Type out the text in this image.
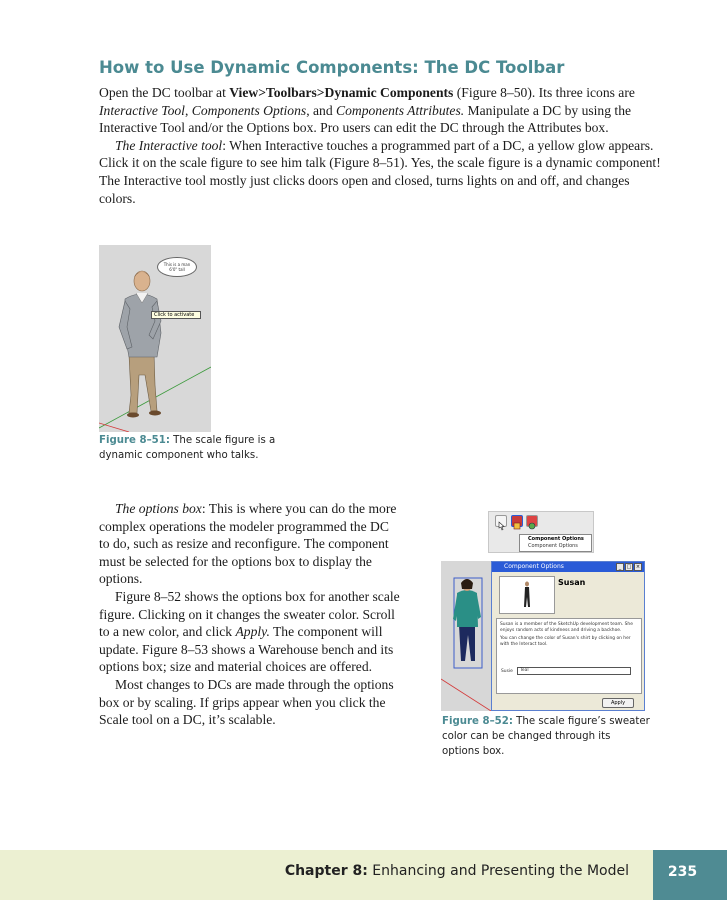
How to Use Dynamic Components: The DC Toolbar

Open the DC toolbar at View>Toolbars>Dynamic Components (Figure 8–50). Its three icons are Interactive Tool, Components Options, and Components Attributes. Manipulate a DC by using the Interactive Tool and/or the Options box. Pro users can edit the DC through the Attributes box.

The Interactive tool: When Interactive touches a programmed part of a DC, a yellow glow appears. Click it on the scale figure to see him talk (Figure 8–51). Yes, the scale figure is a dynamic component! The Interactive tool mostly just clicks doors open and closed, turns lights on and off, and changes colors.

This is a man
6'0" tall
Click to activate
Figure 8–51: The scale figure is a
dynamic component who talks.

The options box: This is where you can do the more

complex operations the modeler programmed the DC

to do, such as resize and reconfigure. The component

must be selected for the options box to display the

options.

Figure 8–52 shows the options box for another scale

figure. Clicking on it changes the sweater color. Scroll

to a new color, and click Apply. The component will

update. Figure 8–53 shows a Warehouse bench and its

options box; size and material choices are offered.

Most changes to DCs are made through the options

box or by scaling. If grips appear when you click the

Scale tool on a DC, it’s scalable.

Component Options
Component Options
Component Options	_	□ ×
Susan

Susan is a member of the SketchUp development team. She enjoys random acts of kindness and driving a backhoe.

You can change the color of Susan's shirt by clicking on her with the Interact tool.

Susie	Teal
Apply
Figure 8–52: The scale figure’s sweater
color can be changed through its
options box.
Chapter 8: Enhancing and Presenting the Model	235
